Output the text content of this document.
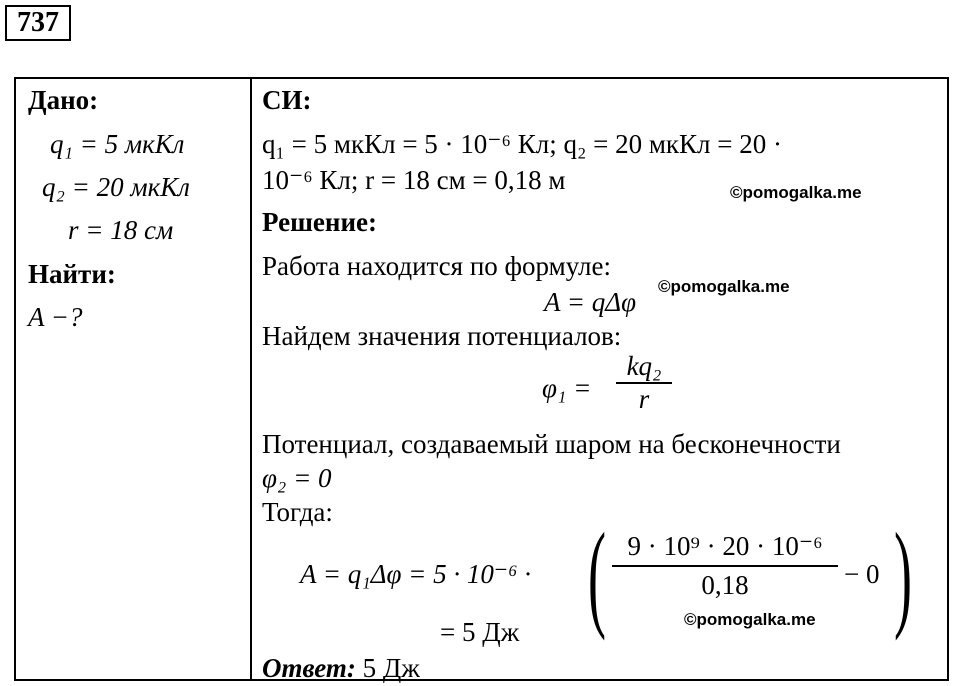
737
Дано:
q₁ = 5 мкКл
q₂ = 20 мкКл
r = 18 см
Найти:
A −?
СИ:
q₁ = 5 мкКл = 5 · 10⁻⁶ Кл; q₂ = 20 мкКл = 20 ·
10⁻⁶ Кл; r = 18 см = 0,18 м	©pomogalka.me
Решение:
Работа находится по формуле:
A = qΔφ
©pomogalka.me
Найдем значения потенциалов:
φ₁ =
kq₂
r
Потенциал, создаваемый шаром на бесконечности
φ₂ = 0
Тогда:
A = q₁Δφ = 5 · 10⁻⁶ · ( 9 · 10⁹ · 20 · 10⁻⁶
0,18	− 0 )
©pomogalka.me
= 5 Дж
Ответ: 5 Дж
